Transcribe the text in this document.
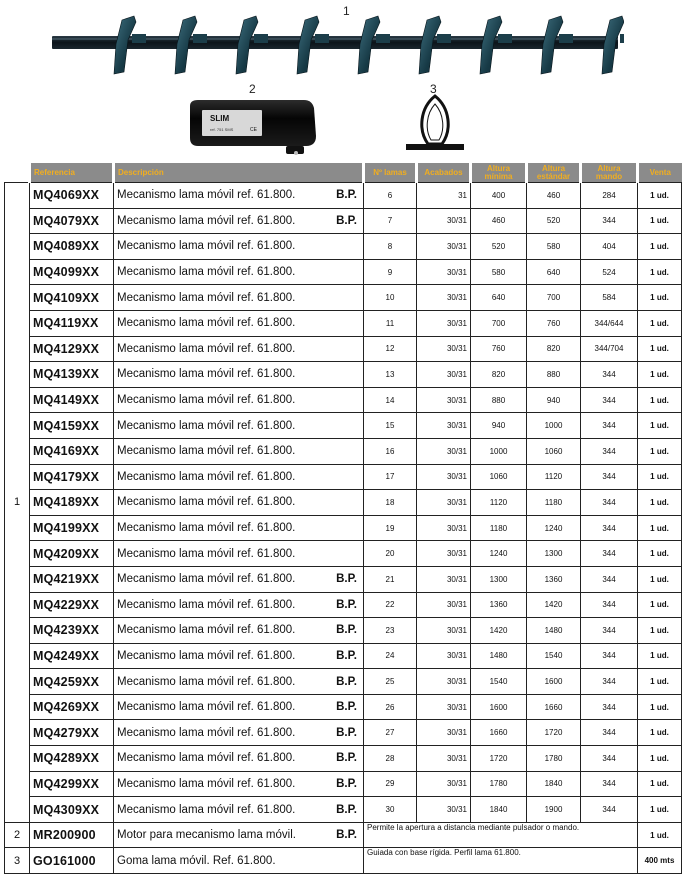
1
2
SLIM
ref. 751 SMS	CE
3
	Referencia	Descripción	Nº lamas	Acabados	Altura mínima	Altura estándar	Altura mando	Venta
1	MQ4069XX	Mecanismo lama móvil ref. 61.800. B.P.	6	31	400	460	284	1 ud.
	MQ4079XX	Mecanismo lama móvil ref. 61.800. B.P.	7	30/31	460	520	344	1 ud.
	MQ4089XX	Mecanismo lama móvil ref. 61.800.	8	30/31	520	580	404	1 ud.
	MQ4099XX	Mecanismo lama móvil ref. 61.800.	9	30/31	580	640	524	1 ud.
	MQ4109XX	Mecanismo lama móvil ref. 61.800.	10	30/31	640	700	584	1 ud.
	MQ4119XX	Mecanismo lama móvil ref. 61.800.	11	30/31	700	760	344/644	1 ud.
	MQ4129XX	Mecanismo lama móvil ref. 61.800.	12	30/31	760	820	344/704	1 ud.
	MQ4139XX	Mecanismo lama móvil ref. 61.800.	13	30/31	820	880	344	1 ud.
	MQ4149XX	Mecanismo lama móvil ref. 61.800.	14	30/31	880	940	344	1 ud.
	MQ4159XX	Mecanismo lama móvil ref. 61.800.	15	30/31	940	1000	344	1 ud.
	MQ4169XX	Mecanismo lama móvil ref. 61.800.	16	30/31	1000	1060	344	1 ud.
	MQ4179XX	Mecanismo lama móvil ref. 61.800.	17	30/31	1060	1120	344	1 ud.
	MQ4189XX	Mecanismo lama móvil ref. 61.800.	18	30/31	1120	1180	344	1 ud.
	MQ4199XX	Mecanismo lama móvil ref. 61.800.	19	30/31	1180	1240	344	1 ud.
	MQ4209XX	Mecanismo lama móvil ref. 61.800.	20	30/31	1240	1300	344	1 ud.
	MQ4219XX	Mecanismo lama móvil ref. 61.800. B.P.	21	30/31	1300	1360	344	1 ud.
	MQ4229XX	Mecanismo lama móvil ref. 61.800. B.P.	22	30/31	1360	1420	344	1 ud.
	MQ4239XX	Mecanismo lama móvil ref. 61.800. B.P.	23	30/31	1420	1480	344	1 ud.
	MQ4249XX	Mecanismo lama móvil ref. 61.800. B.P.	24	30/31	1480	1540	344	1 ud.
	MQ4259XX	Mecanismo lama móvil ref. 61.800. B.P.	25	30/31	1540	1600	344	1 ud.
	MQ4269XX	Mecanismo lama móvil ref. 61.800. B.P.	26	30/31	1600	1660	344	1 ud.
	MQ4279XX	Mecanismo lama móvil ref. 61.800. B.P.	27	30/31	1660	1720	344	1 ud.
	MQ4289XX	Mecanismo lama móvil ref. 61.800. B.P.	28	30/31	1720	1780	344	1 ud.
	MQ4299XX	Mecanismo lama móvil ref. 61.800. B.P.	29	30/31	1780	1840	344	1 ud.
	MQ4309XX	Mecanismo lama móvil ref. 61.800. B.P.	30	30/31	1840	1900	344	1 ud.
2	MR200900	Motor para mecanismo lama móvil. B.P.	Permite la apertura a distancia mediante pulsador o mando.					1 ud.
3	GO161000	Goma lama móvil. Ref. 61.800.	Guiada con base rígida. Perfil lama 61.800.					400 mts
